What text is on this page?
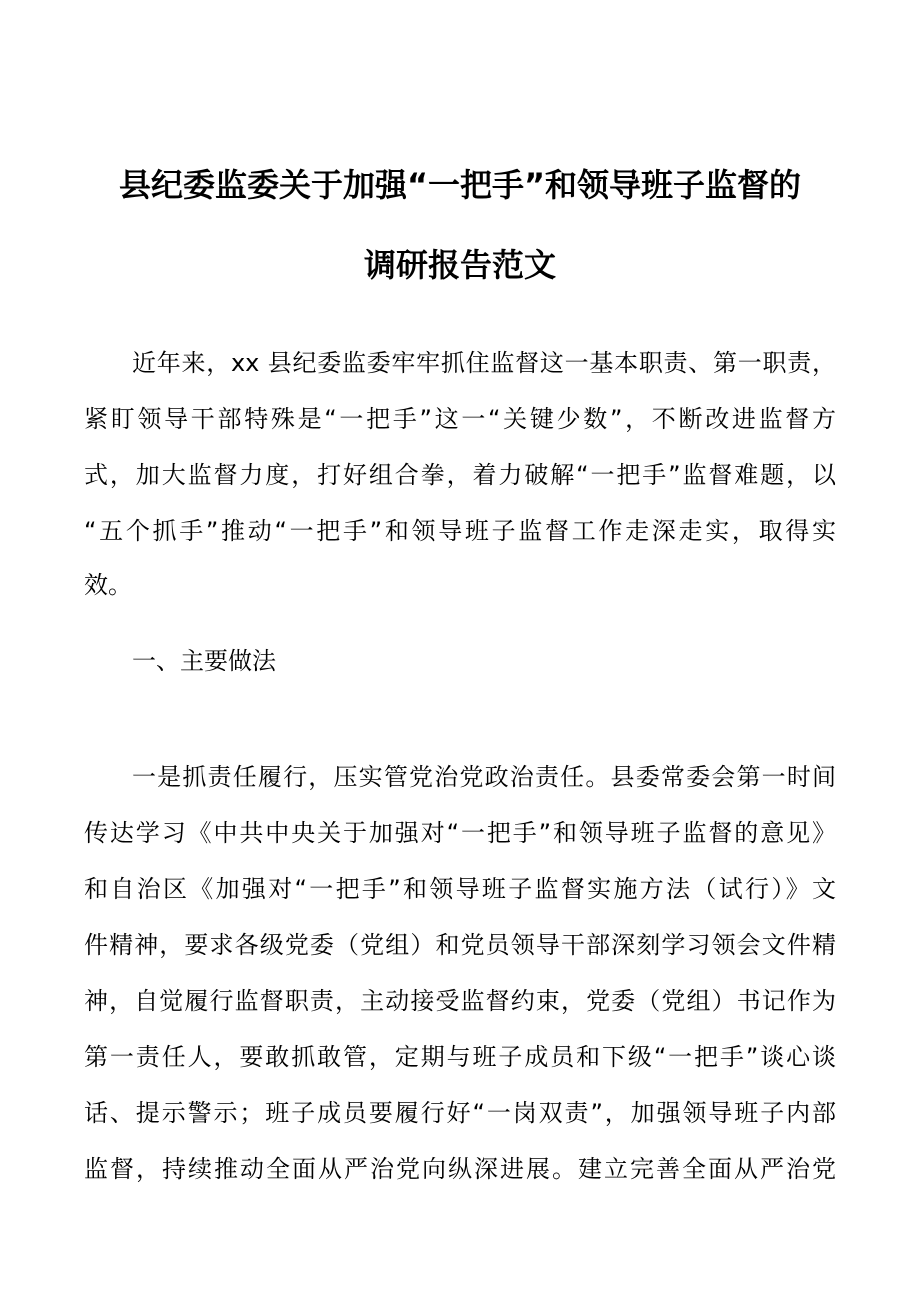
县纪委监委关于加强“一把手”和领导班子监督的
调研报告范文
近年来，xx 县纪委监委牢牢抓住监督这一基本职责、第一职责，
紧盯领导干部特殊是“一把手”这一“关键少数”，不断改进监督方
式，加大监督力度，打好组合拳，着力破解“一把手”监督难题，以
“五个抓手”推动“一把手”和领导班子监督工作走深走实，取得实
效。
一、主要做法
一是抓责任履行，压实管党治党政治责任。县委常委会第一时间
传达学习《中共中央关于加强对“一把手”和领导班子监督的意见》
和自治区《加强对“一把手”和领导班子监督实施方法（试行）》文
件精神，要求各级党委（党组）和党员领导干部深刻学习领会文件精
神，自觉履行监督职责，主动接受监督约束，党委（党组）书记作为
第一责任人，要敢抓敢管，定期与班子成员和下级“一把手”谈心谈
话、提示警示；班子成员要履行好“一岗双责”，加强领导班子内部
监督，持续推动全面从严治党向纵深进展。建立完善全面从严治党
